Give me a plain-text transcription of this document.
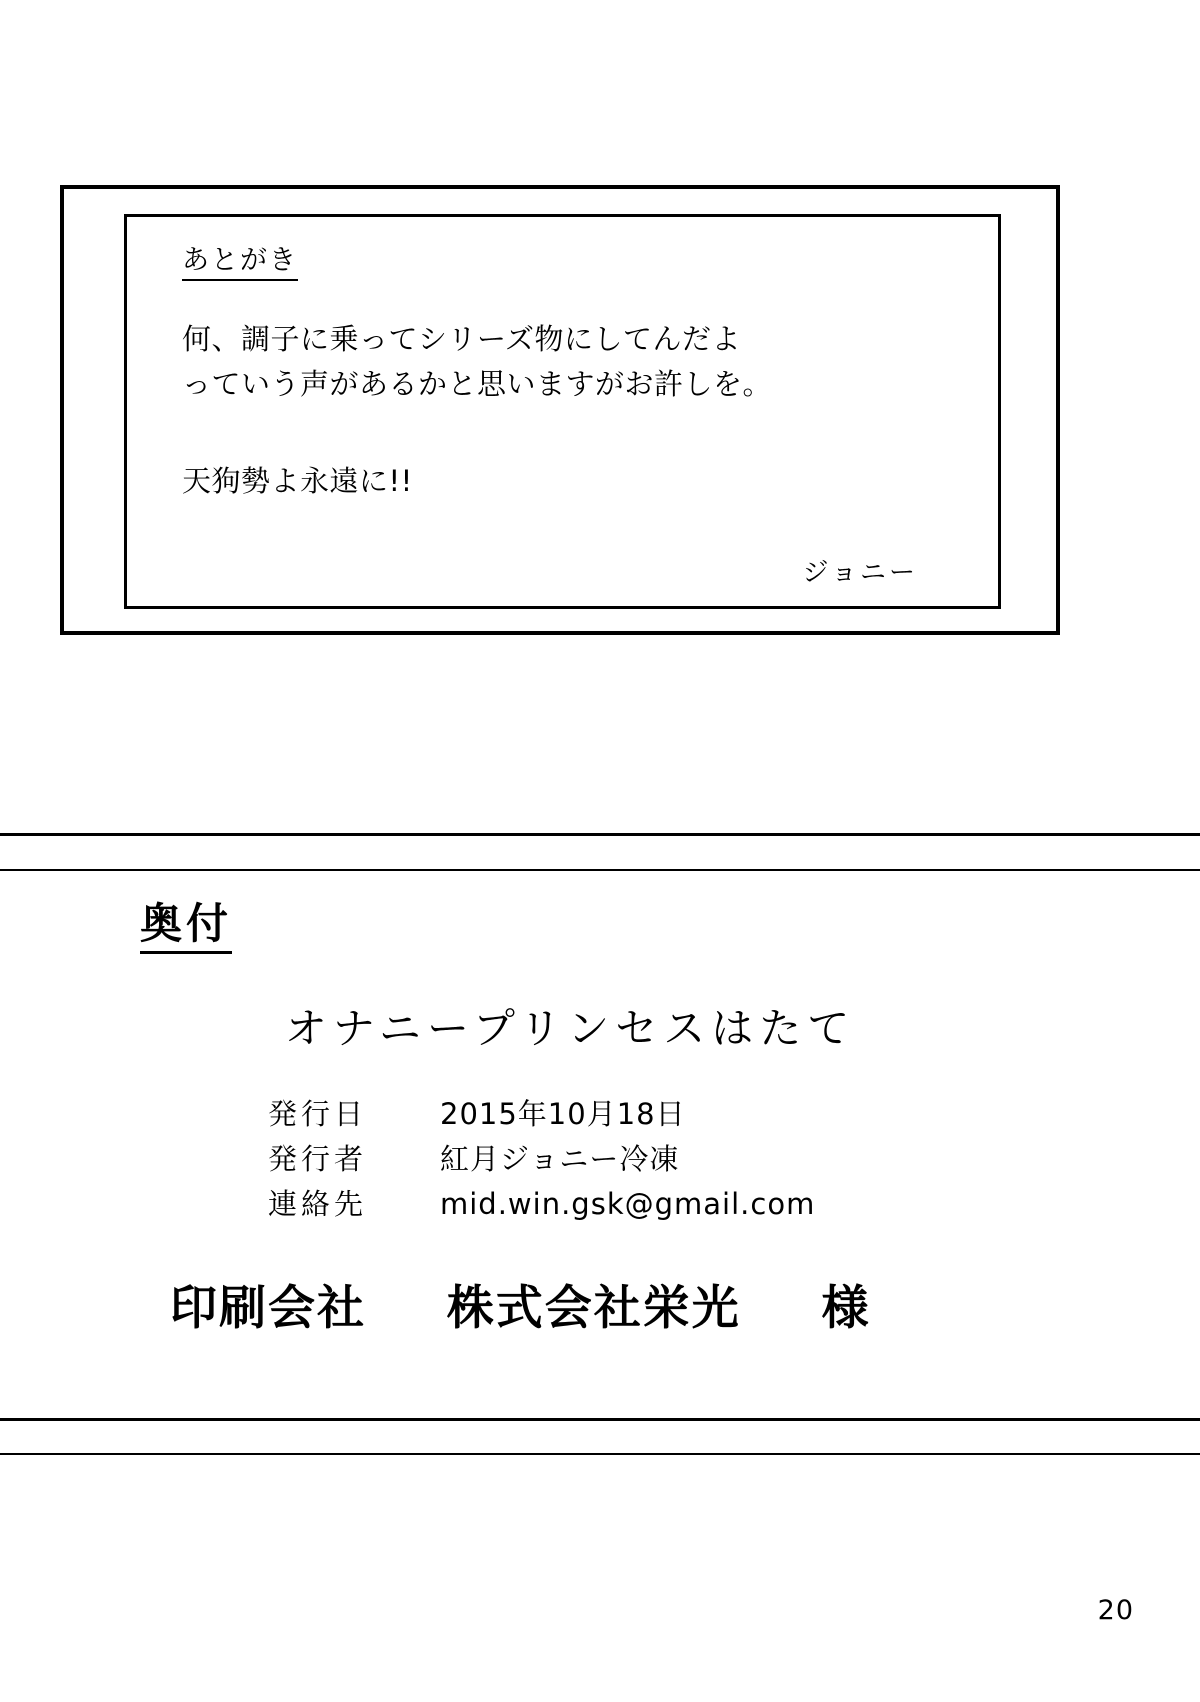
あとがき
何、調子に乗ってシリーズ物にしてんだよ
っていう声があるかと思いますがお許しを。
天狗勢よ永遠に!!
ジョニー
奥付
オナニープリンセスはたて
発行日	2015年10月18日
発行者	紅月ジョニー冷凍
連絡先	mid.win.gsk@gmail.com
印刷会社 株式会社栄光 様
20
